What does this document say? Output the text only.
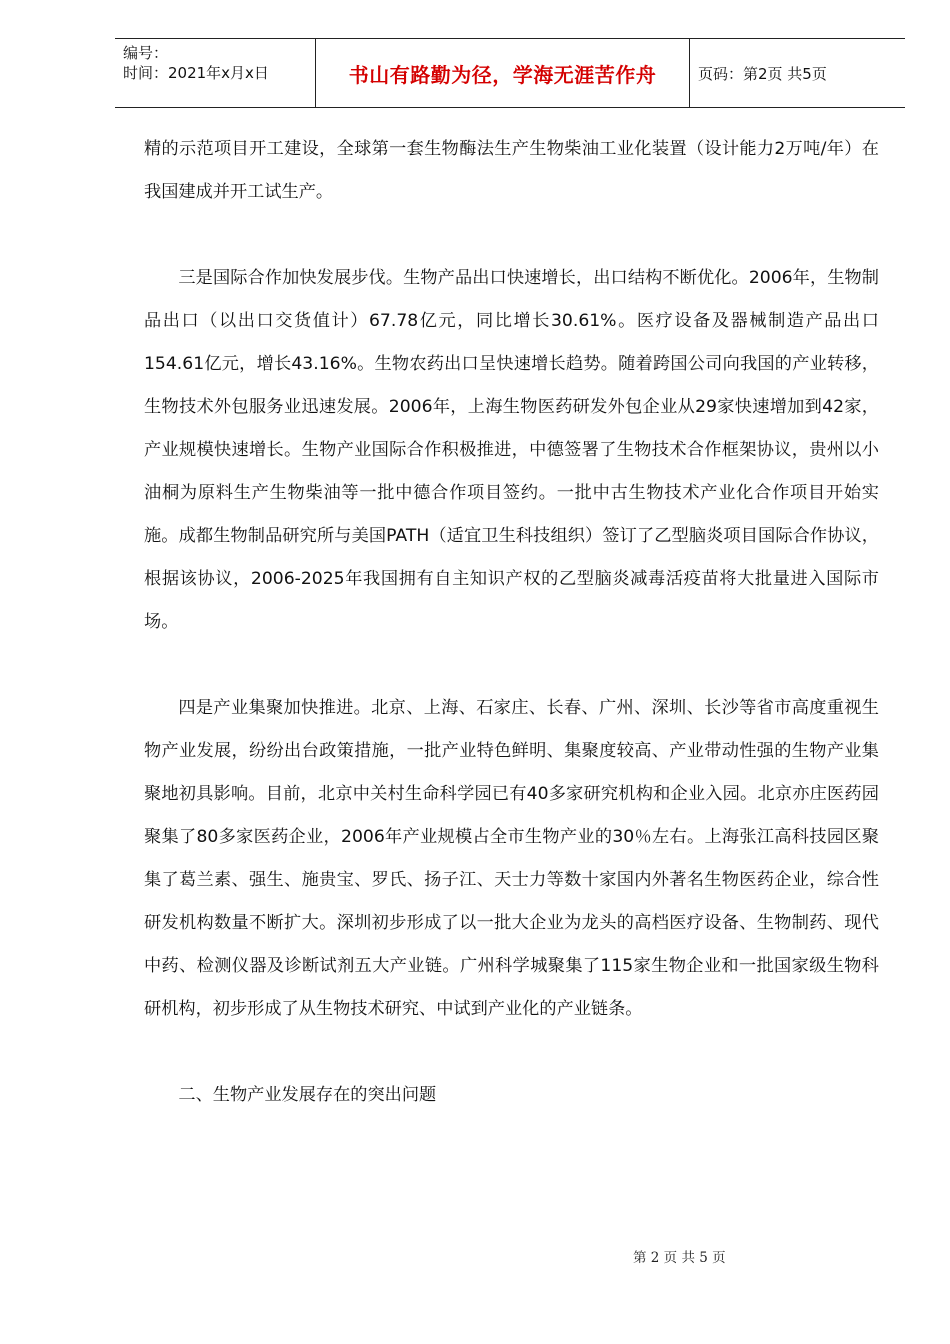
编号：
时间：2021年x月x日	书山有路勤为径，学海无涯苦作舟	页码：第2页 共5页

精的示范项目开工建设，全球第一套生物酶法生产生物柴油工业化装置（设计能力2万吨/年）在我国建成并开工试生产。

三是国际合作加快发展步伐。生物产品出口快速增长，出口结构不断优化。2006年，生物制品出口（以出口交货值计）67.78亿元，同比增长30.61%。医疗设备及器械制造产品出口154.61亿元，增长43.16%。生物农药出口呈快速增长趋势。随着跨国公司向我国的产业转移，生物技术外包服务业迅速发展。2006年，上海生物医药研发外包企业从29家快速增加到42家，产业规模快速增长。生物产业国际合作积极推进，中德签署了生物技术合作框架协议，贵州以小油桐为原料生产生物柴油等一批中德合作项目签约。一批中古生物技术产业化合作项目开始实施。成都生物制品研究所与美国PATH（适宜卫生科技组织）签订了乙型脑炎项目国际合作协议，根据该协议，2006-2025年我国拥有自主知识产权的乙型脑炎减毒活疫苗将大批量进入国际市场。

四是产业集聚加快推进。北京、上海、石家庄、长春、广州、深圳、长沙等省市高度重视生物产业发展，纷纷出台政策措施，一批产业特色鲜明、集聚度较高、产业带动性强的生物产业集聚地初具影响。目前，北京中关村生命科学园已有40多家研究机构和企业入园。北京亦庄医药园聚集了80多家医药企业，2006年产业规模占全市生物产业的30％左右。上海张江高科技园区聚集了葛兰素、强生、施贵宝、罗氏、扬子江、天士力等数十家国内外著名生物医药企业，综合性研发机构数量不断扩大。深圳初步形成了以一批大企业为龙头的高档医疗设备、生物制药、现代中药、检测仪器及诊断试剂五大产业链。广州科学城聚集了115家生物企业和一批国家级生物科研机构，初步形成了从生物技术研究、中试到产业化的产业链条。

二、生物产业发展存在的突出问题

第 2 页 共 5 页
